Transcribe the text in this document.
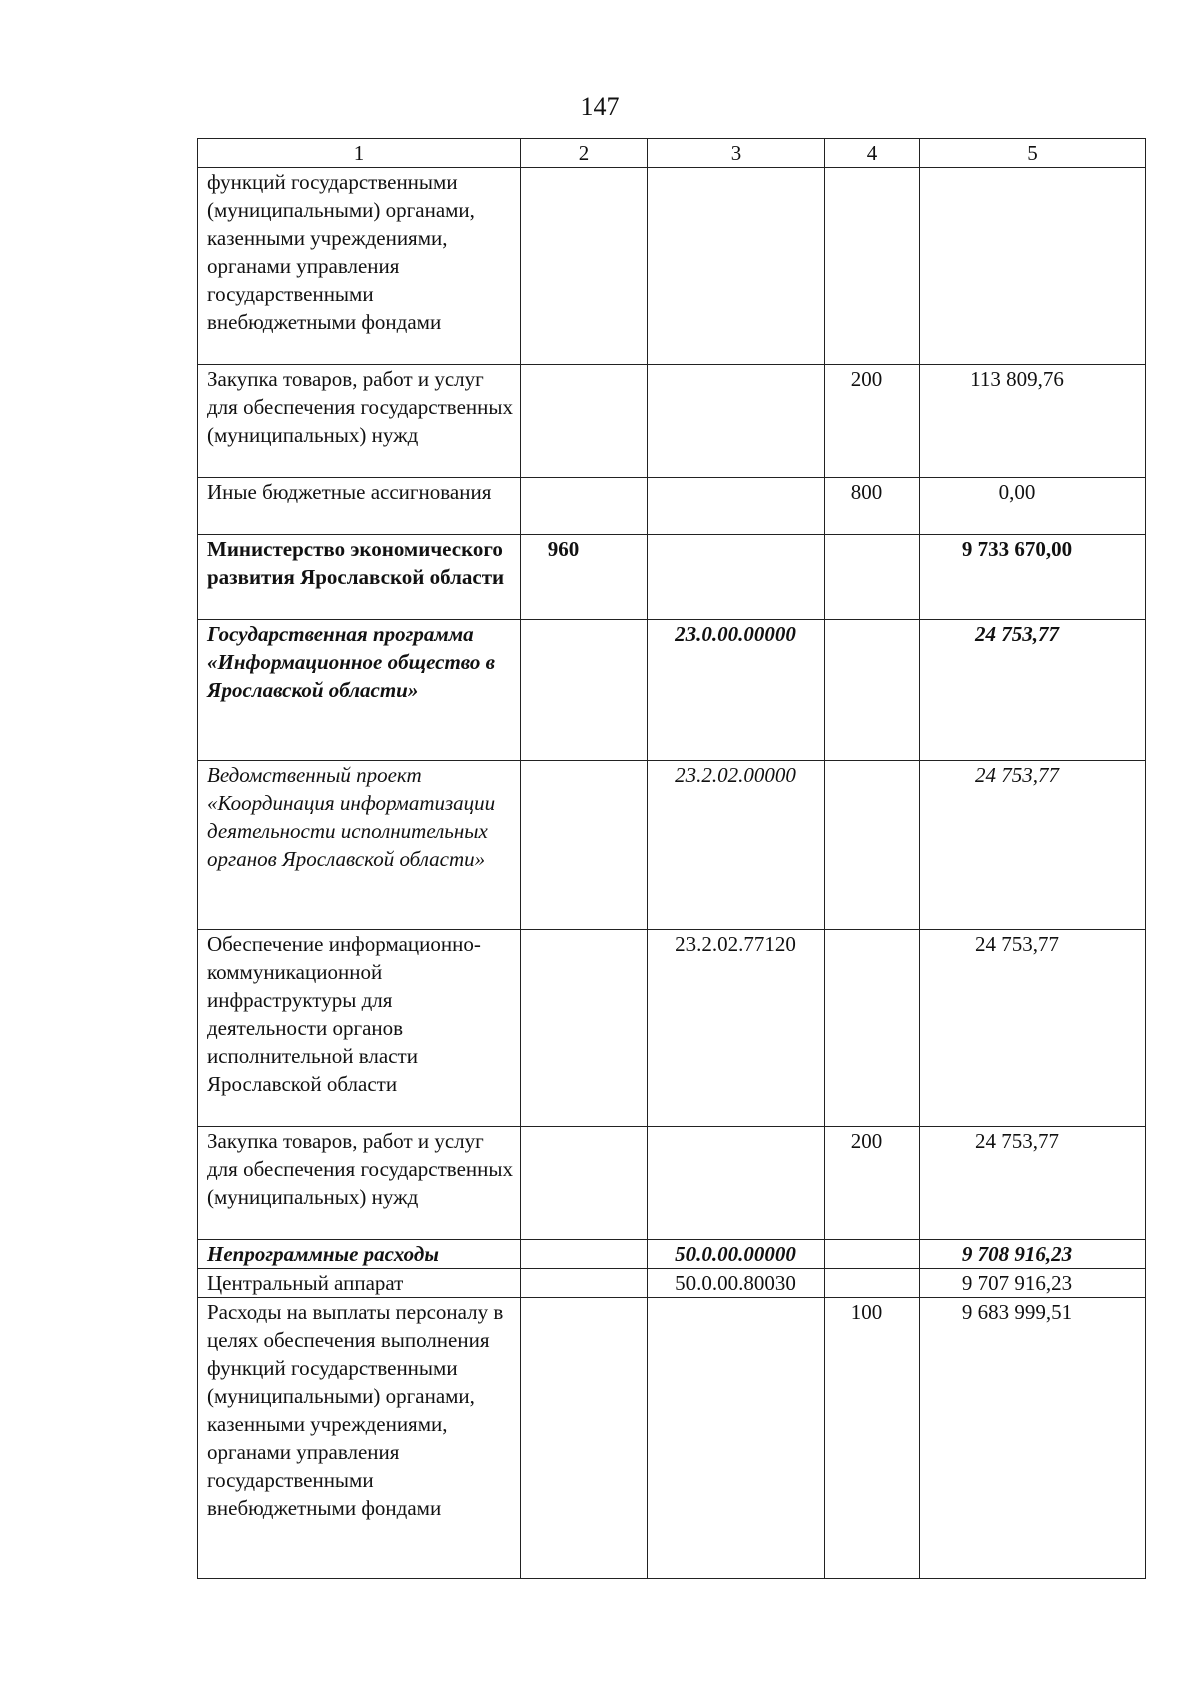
147
1	2	3	4	5
функций государственными (муниципальными) органами, казенными учреждениями, органами управления государственными внебюджетными фондами				
Закупка товаров, работ и услуг для обеспечения государственных (муниципальных) нужд			200	113 809,76
Иные бюджетные ассигнования			800	0,00
Министерство экономического развития Ярославской области	960			9 733 670,00
Государственная программа «Информационное общество в Ярославской области»		23.0.00.00000		24 753,77
Ведомственный проект «Координация информатизации деятельности исполнительных органов Ярославской области»		23.2.02.00000		24 753,77
Обеспечение информационно-коммуникационной инфраструктуры для деятельности органов исполнительной власти Ярославской области		23.2.02.77120		24 753,77
Закупка товаров, работ и услуг для обеспечения государственных (муниципальных) нужд			200	24 753,77
Непрограммные расходы		50.0.00.00000		9 708 916,23
Центральный аппарат		50.0.00.80030		9 707 916,23
Расходы на выплаты персоналу в целях обеспечения выполнения функций государственными (муниципальными) органами, казенными учреждениями, органами управления государственными внебюджетными фондами			100	9 683 999,51
